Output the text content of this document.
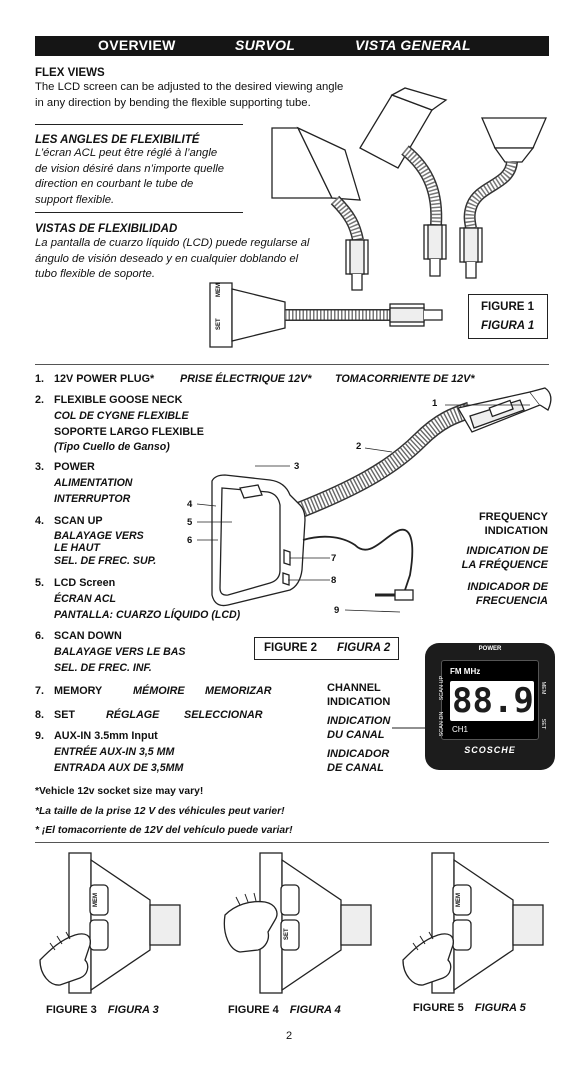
OVERVIEW	SURVOL	VISTA GENERAL
FLEX VIEWS
The LCD screen can be adjusted to the desired viewing angle
in any direction by bending the flexible supporting tube.
LES ANGLES DE FLEXIBILITÉ
L’écran ACL peut être réglé à l’angle
de vision désiré dans n’importe quelle
direction en courbant le tube de
support flexible.
VISTAS DE FLEXIBILIDAD
La pantalla de cuarzo líquido (LCD) puede regularse al
ángulo de visión deseado y en cualquier doblando el
tubo flexible de soporte.
MEM
SET
FIGURE 1
FIGURA 1
1. 12V POWER PLUG* PRISE ÉLECTRIQUE 12V* TOMACORRIENTE DE 12V*
2. FLEXIBLE GOOSE NECK
COL DE CYGNE FLEXIBLE
SOPORTE LARGO FLEXIBLE
(Tipo Cuello de Ganso)
3. POWER
ALIMENTATION
INTERRUPTOR
4. SCAN UP
BALAYAGE VERS
LE HAUT
SEL. DE FREC. SUP.
5. LCD Screen
ÉCRAN ACL
PANTALLA: CUARZO LÍQUIDO (LCD)
6. SCAN DOWN
BALAYAGE VERS LE BAS
SEL. DE FREC. INF.
7. MEMORY	MÉMOIRE MEMORIZAR
8. SET	RÉGLAGE SELECCIONAR
9. AUX-IN 3.5mm Input
ENTRÉE AUX-IN 3,5 MM
ENTRADA AUX DE 3,5MM
*Vehicle 12v socket size may vary!
*La taille de la prise 12 V des véhicules peut varier!
* ¡El tomacorriente de 12V del vehículo puede variar!
1
2
3
4
5
6
7
8
9
FREQUENCY
INDICATION
INDICATION DE
LA FRÉQUENCE
INDICADOR DE
FRECUENCIA
FIGURE 2 FIGURA 2
CHANNEL
INDICATION
INDICATION
DU CANAL
INDICADOR
DE CANAL
POWER
FM MHz
88.9
CH1
SCAN UP
SCAN DN
MEM
SET
SCOSCHE
MEM
SET
MEM
FIGURE 3 FIGURA 3	FIGURE 4 FIGURA 4	FIGURE 5 FIGURA 5
2
